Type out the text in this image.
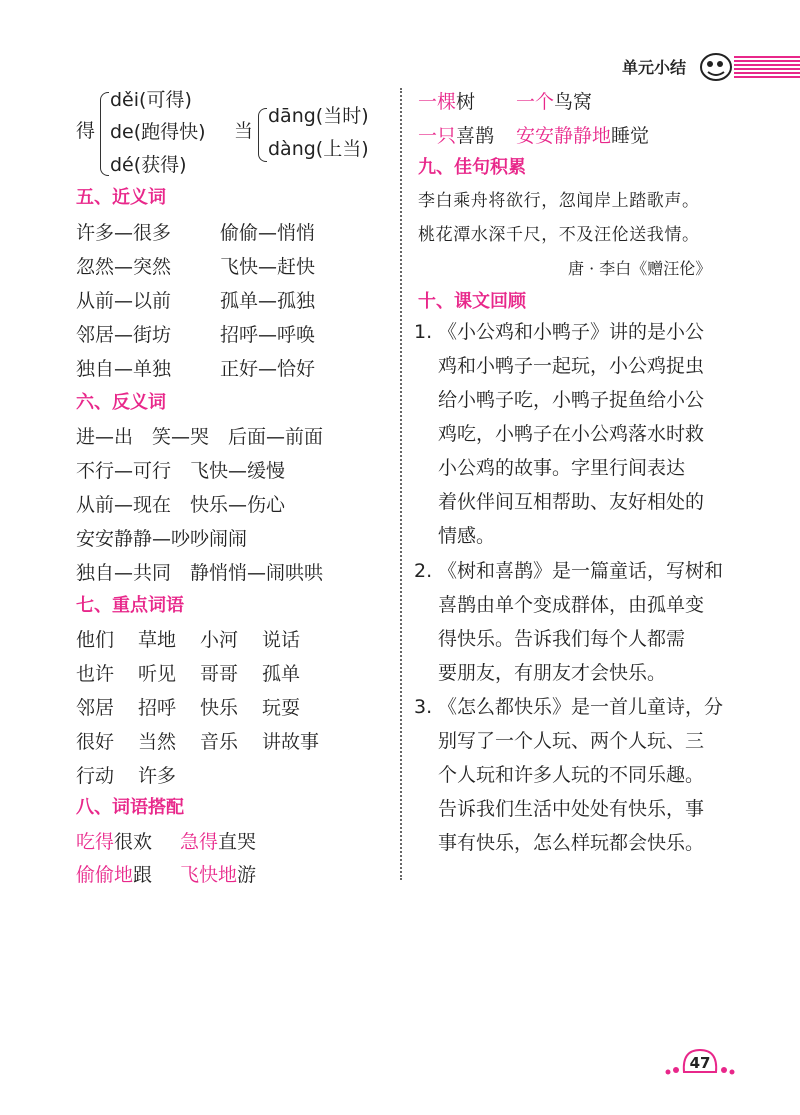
单元小结
得
děi(可得)
de(跑得快)
dé(获得)
当
dāng(当时)
dàng(上当)
五、近义词
许多—很多	偷偷—悄悄
忽然—突然	飞快—赶快
从前—以前	孤单—孤独
邻居—街坊	招呼—呼唤
独自—单独	正好—恰好
六、反义词
进—出　笑—哭　后面—前面
不行—可行　飞快—缓慢
从前—现在　快乐—伤心
安安静静—吵吵闹闹
独自—共同　静悄悄—闹哄哄
七、重点词语
他们 草地 小河 说话
也许 听见 哥哥 孤单
邻居 招呼 快乐 玩耍
很好 当然 音乐 讲故事
行动 许多
八、词语搭配
吃得很欢 急得直哭
偷偷地跟 飞快地游
一棵树 一个鸟窝
一只喜鹊 安安静静地睡觉
九、佳句积累
李白乘舟将欲行，忽闻岸上踏歌声。
桃花潭水深千尺，不及汪伦送我情。
唐 · 李白《赠汪伦》
十、课文回顾
1. 《小公鸡和小鸭子》讲的是小公
鸡和小鸭子一起玩，小公鸡捉虫
给小鸭子吃，小鸭子捉鱼给小公
鸡吃，小鸭子在小公鸡落水时救
小公鸡的故事。字里行间表达
着伙伴间互相帮助、友好相处的
情感。
2. 《树和喜鹊》是一篇童话，写树和
喜鹊由单个变成群体，由孤单变
得快乐。告诉我们每个人都需
要朋友，有朋友才会快乐。
3. 《怎么都快乐》是一首儿童诗，分
别写了一个人玩、两个人玩、三
个人玩和许多人玩的不同乐趣。
告诉我们生活中处处有快乐，事
事有快乐，怎么样玩都会快乐。
47
